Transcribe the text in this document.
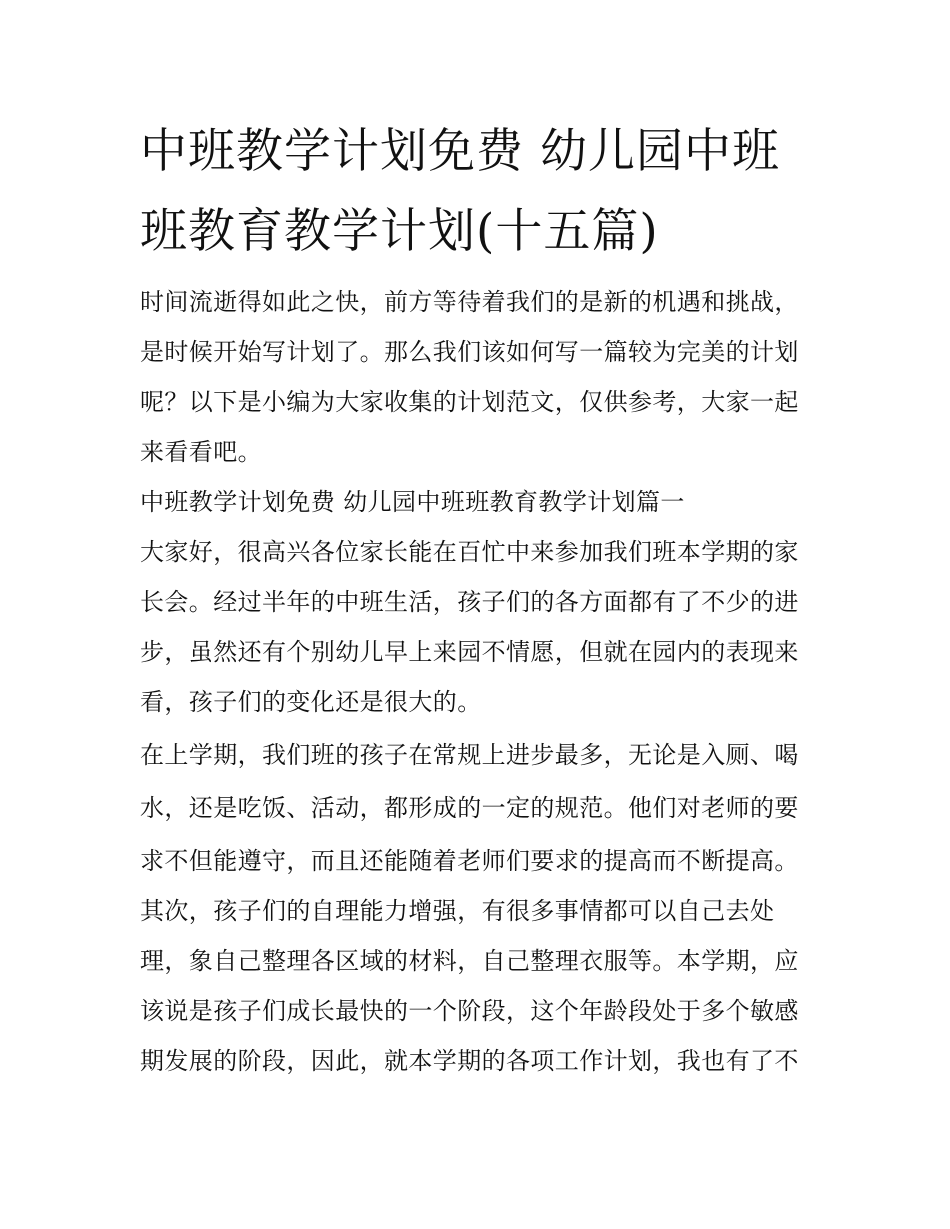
中班教学计划免费 幼儿园中班
班教育教学计划(十五篇)

时间流逝得如此之快，前方等待着我们的是新的机遇和挑战，

是时候开始写计划了。那么我们该如何写一篇较为完美的计划

呢？以下是小编为大家收集的计划范文，仅供参考，大家一起

来看看吧。

中班教学计划免费 幼儿园中班班教育教学计划篇一

大家好，很高兴各位家长能在百忙中来参加我们班本学期的家

长会。经过半年的中班生活，孩子们的各方面都有了不少的进

步，虽然还有个别幼儿早上来园不情愿，但就在园内的表现来

看，孩子们的变化还是很大的。

在上学期，我们班的孩子在常规上进步最多，无论是入厕、喝

水，还是吃饭、活动，都形成的一定的规范。他们对老师的要

求不但能遵守，而且还能随着老师们要求的提高而不断提高。

其次，孩子们的自理能力增强，有很多事情都可以自己去处

理，象自己整理各区域的材料，自己整理衣服等。本学期，应

该说是孩子们成长最快的一个阶段，这个年龄段处于多个敏感

期发展的阶段，因此，就本学期的各项工作计划，我也有了不
